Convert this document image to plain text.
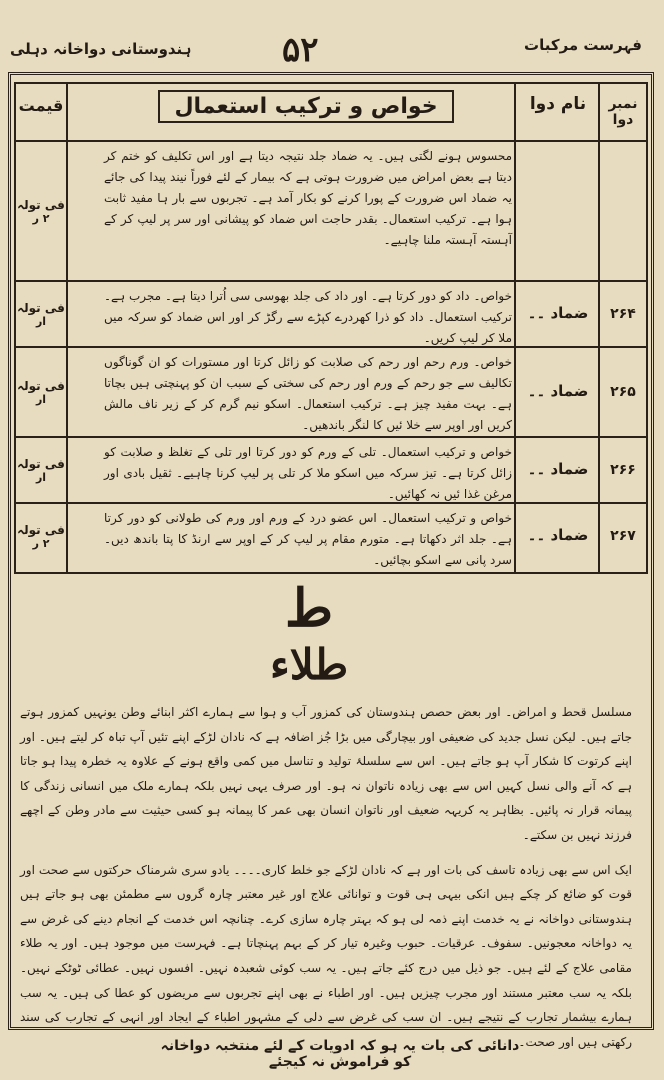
ہندوستانی دواخانہ دہلی	۵۲	فہرست مرکبات
نمبر دوا
نام دوا
خواص و ترکیب استعمال
قیمت

محسوس ہونے لگتی ہیں۔ یہ ضماد جلد نتیجہ دیتا ہے اور اس تکلیف کو ختم کر دیتا ہے بعض امراض میں ضرورت ہوتی ہے کہ بیمار کے لئے فوراً نیند پیدا کی جائے یہ ضماد اس ضرورت کے پورا کرنے کو بکار آمد ہے۔ تجربوں سے بار ہا مفید ثابت ہوا ہے۔ ترکیب استعمال۔ بقدر حاجت اس ضماد کو پیشانی اور سر پر لیپ کر کے آہستہ آہستہ ملنا چاہیے۔

فی تولہ
۲ ر
۲۶۴
ضماد ۔۔

خواص۔ داد کو دور کرتا ہے۔ اور داد کی جلد بھوسی سی اُترا دیتا ہے۔ مجرب ہے۔ ترکیب استعمال۔ داد کو ذرا کھردرے کپڑے سے رگڑ کر اور اس ضماد کو سرکہ میں ملا کر لیپ کریں۔

فی تولہ
ار
۲۶۵
ضماد ۔۔

خواص۔ ورم رحم اور رحم کی صلابت کو زائل کرتا اور مستورات کو ان گوناگوں تکالیف سے جو رحم کے ورم اور رحم کی سختی کے سبب ان کو پہنچتی ہیں بچاتا ہے۔ بہت مفید چیز ہے۔ ترکیب استعمال۔ اسکو نیم گرم کر کے زیر ناف مالش کریں اور اوپر سے خلا ئیں کا لنگر باندھیں۔

فی تولہ
ار
۲۶۶
ضماد ۔۔

خواص و ترکیب استعمال۔ تلی کے ورم کو دور کرتا اور تلی کے تغلظ و صلابت کو زائل کرتا ہے۔ تیز سرکہ میں اسکو ملا کر تلی پر لیپ کرنا چاہیے۔ ثقیل بادی اور مرغن غذا ئیں نہ کھائیں۔

فی تولہ
ار
۲۶۷
ضماد ۔۔

خواص و ترکیب استعمال۔ اس عضو درد کے ورم اور ورم کی طولانی کو دور کرتا ہے۔ جلد اثر دکھاتا ہے۔ متورم مقام پر لیپ کر کے اوپر سے ارنڈ کا پتا باندھ دیں۔ سرد پانی سے اسکو بچائیں۔

فی تولہ
۲ ر
ط
طلاء

مسلسل قحط و امراض۔ اور بعض حصص ہندوستان کی کمزور آب و ہوا سے ہمارے اکثر ابنائے وطن یونہیں کمزور ہوتے جاتے ہیں۔ لیکن نسل جدید کی ضعیفی اور بیچارگی میں بڑا جُز اضافہ ہے کہ نادان لڑکے اپنے تئیں آپ تباہ کر لیتے ہیں۔ اور اپنے کرتوت کا شکار آپ ہو جاتے ہیں۔ اس سے سلسلۂ تولید و تناسل میں کمی واقع ہونے کے علاوہ یہ خطرہ پیدا ہو جاتا ہے کہ آنے والی نسل کہیں اس سے بھی زیادہ ناتوان نہ ہو۔ اور صرف یہی نہیں بلکہ ہمارے ملک میں انسانی زندگی کا پیمانہ قرار نہ پائیں۔ بظاہر یہ کریہہ ضعیف اور ناتوان انسان بھی عمر کا پیمانہ ہو کسی حیثیت سے مادر وطن کے اچھے فرزند نہیں بن سکتے۔

ایک اس سے بھی زیادہ تاسف کی بات اور ہے کہ نادان لڑکے جو خلط کاری۔۔۔۔ یادو سری شرمناک حرکتوں سے صحت اور قوت کو ضائع کر چکے ہیں انکی بیہی ہی قوت و توانائی علاج اور غیر معتبر چارہ گروں سے مطمئن بھی ہو جاتے ہیں ہندوستانی دواخانہ نے یہ خدمت اپنے ذمہ لی ہو کہ بہتر چارہ سازی کرے۔ چنانچہ اس خدمت کے انجام دینے کی غرض سے یہ دواخانہ معجونیں۔ سفوف۔ عرقیات۔ حبوب وغیرہ تیار کر کے بہم پہنچاتا ہے۔ فہرست میں موجود ہیں۔ اور یہ طلاء مقامی علاج کے لئے ہیں۔ جو ذیل میں درج کئے جاتے ہیں۔ یہ سب کوئی شعبدہ نہیں۔ افسوں نہیں۔ عطائی ٹوٹکے نہیں۔ بلکہ یہ سب معتبر مستند اور مجرب چیزیں ہیں۔ اور اطباء نے بھی اپنے تجربوں سے مریضوں کو عطا کی ہیں۔ یہ سب ہمارے بیشمار تجارب کے نتیجے ہیں۔ ان سب کی غرض سے دلی کے مشہور اطباء کے ایجاد اور انہی کے تجارب کی سند رکھتی ہیں اور صحت۔

دانائی کی بات یہ ہو کہ ادویات کے لئے منتخبہ دواخانہ کو فراموش نہ کیجئے
